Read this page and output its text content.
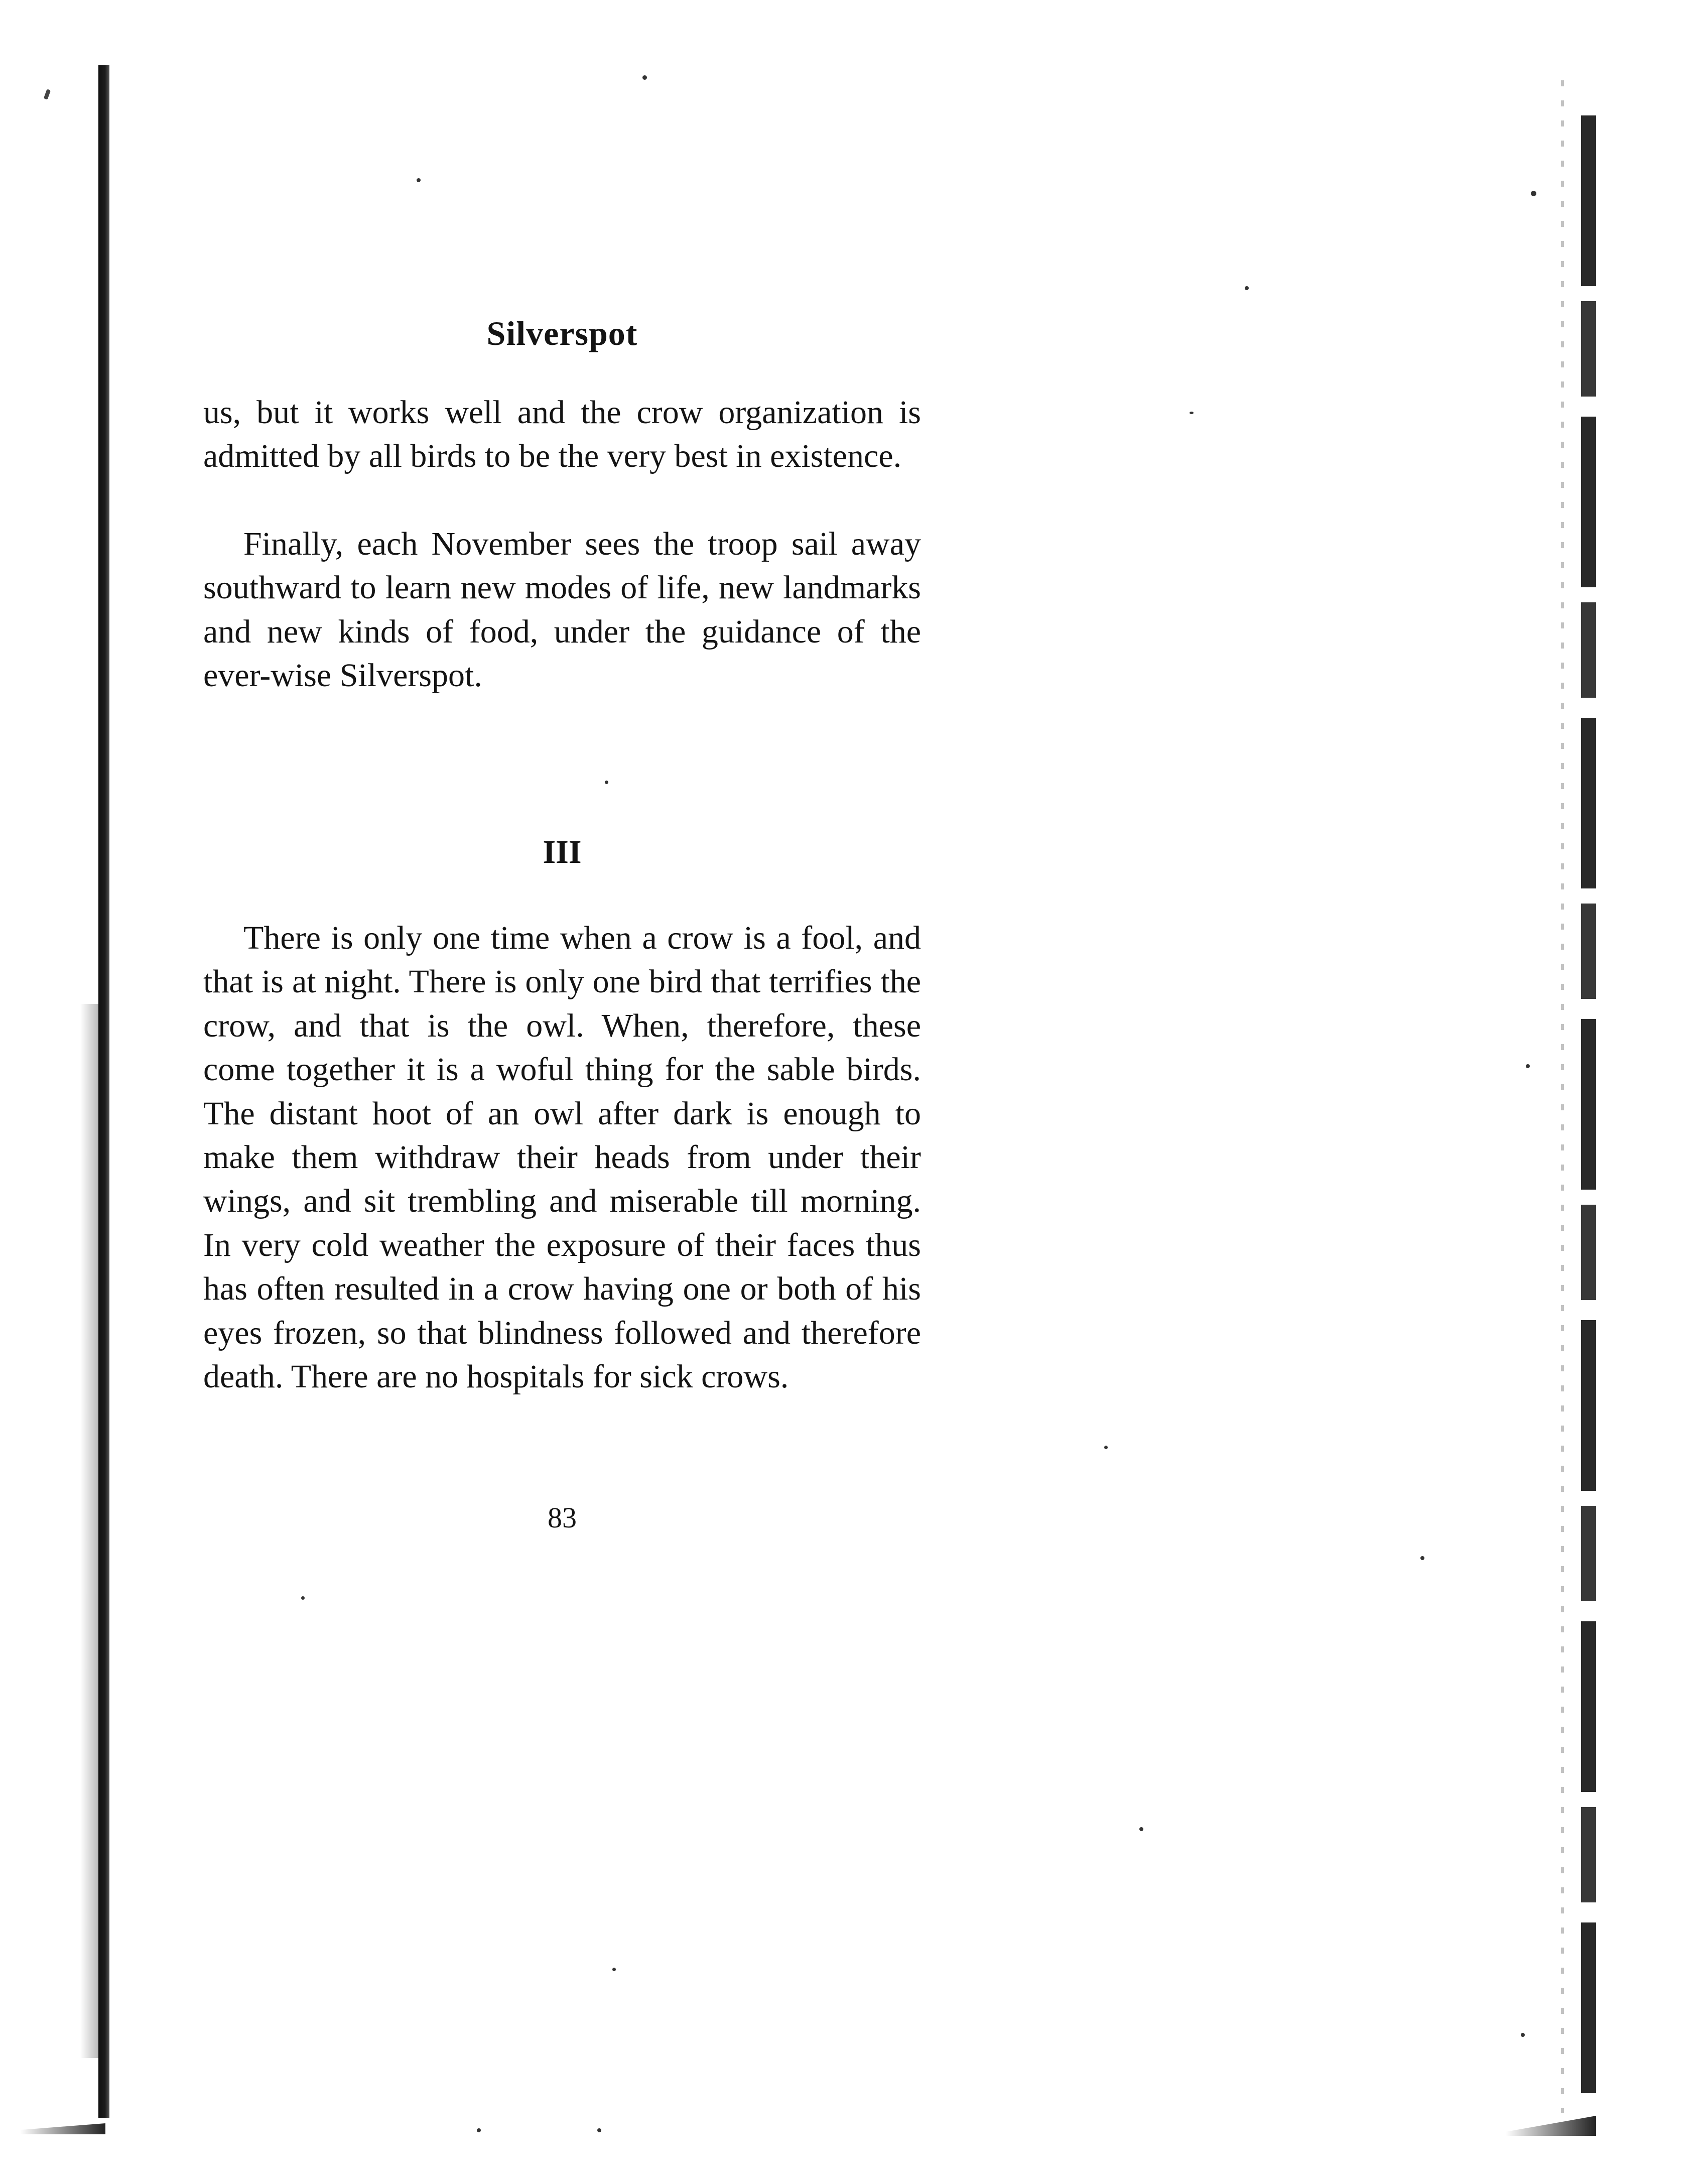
Silverspot

us, but it works well and the crow organization is admitted by all birds to be the very best in existence.

Finally, each November sees the troop sail away southward to learn new modes of life, new landmarks and new kinds of food, under the guidance of the ever-wise Silverspot.

III

There is only one time when a crow is a fool, and that is at night. There is only one bird that terrifies the crow, and that is the owl. When, therefore, these come together it is a woful thing for the sable birds. The distant hoot of an owl after dark is enough to make them withdraw their heads from under their wings, and sit trembling and miserable till morning. In very cold weather the exposure of their faces thus has often resulted in a crow having one or both of his eyes frozen, so that blindness followed and therefore death. There are no hospitals for sick crows.

83
